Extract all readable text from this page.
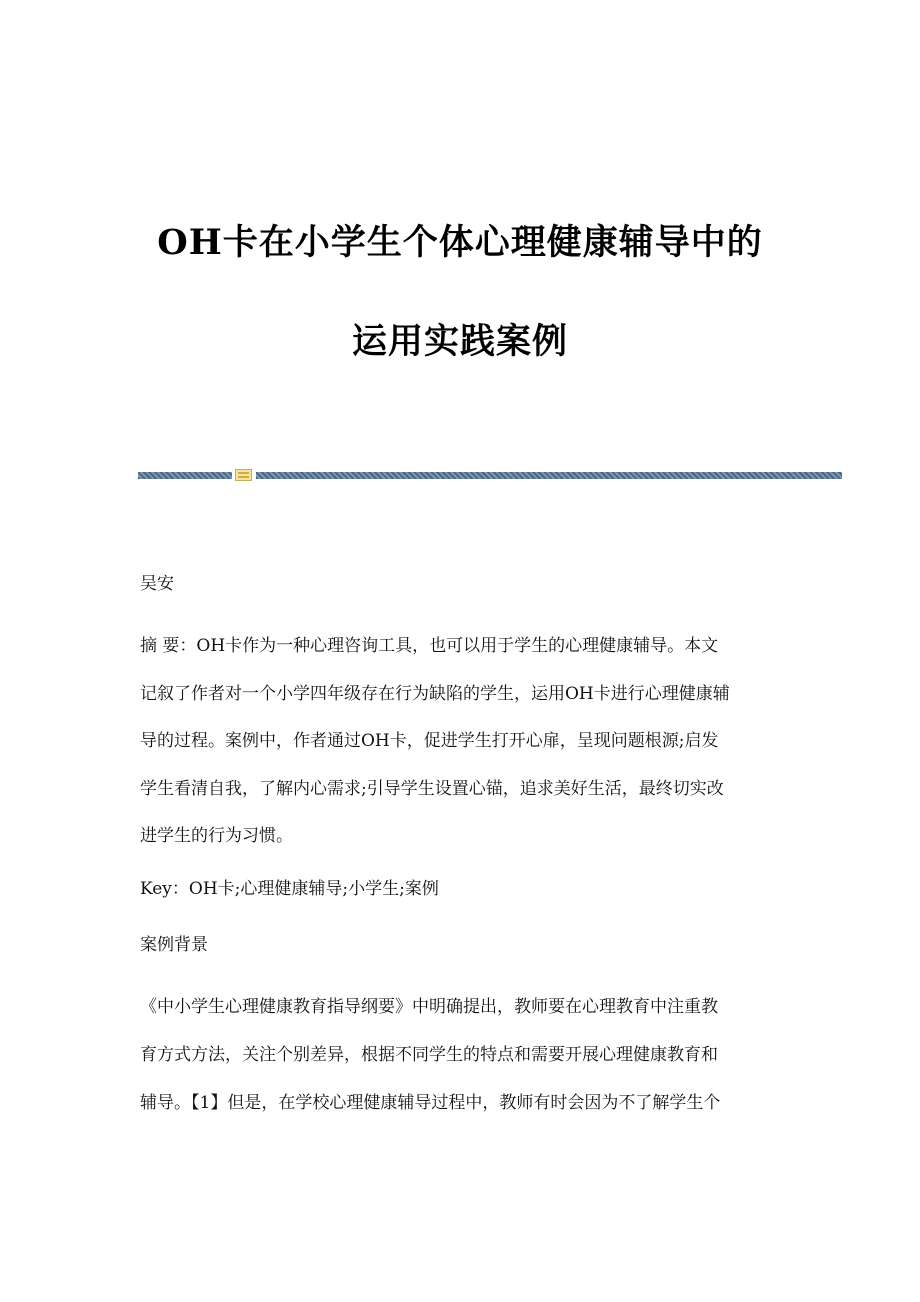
OH卡在小学生个体心理健康辅导中的
运用实践案例
吴安

摘 要：OH卡作为一种心理咨询工具，也可以用于学生的心理健康辅导。本文

记叙了作者对一个小学四年级存在行为缺陷的学生，运用OH卡进行心理健康辅

导的过程。案例中，作者通过OH卡，促进学生打开心扉，呈现问题根源;启发

学生看清自我，了解内心需求;引导学生设置心锚，追求美好生活，最终切实改

进学生的行为习惯。

Key：OH卡;心理健康辅导;小学生;案例
案例背景

《中小学生心理健康教育指导纲要》中明确提出，教师要在心理教育中注重教

育方式方法，关注个别差异，根据不同学生的特点和需要开展心理健康教育和

辅导。【1】但是，在学校心理健康辅导过程中，教师有时会因为不了解学生个
